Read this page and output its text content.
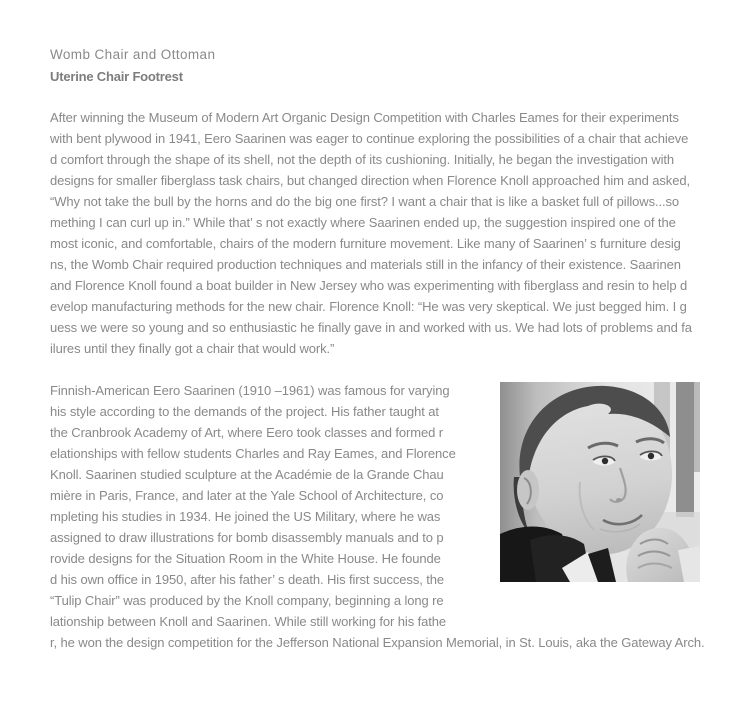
Womb Chair and Ottoman
Uterine Chair Footrest
After winning the Museum of Modern Art Organic Design Competition with Charles Eames for their experiments
with bent plywood in 1941, Eero Saarinen was eager to continue exploring the possibilities of a chair that achieve
d comfort through the shape of its shell, not the depth of its cushioning. Initially, he began the investigation with
designs for smaller fiberglass task chairs, but changed direction when Florence Knoll approached him and asked,
“Why not take the bull by the horns and do the big one first? I want a chair that is like a basket full of pillows...so
mething I can curl up in.” While that’ s not exactly where Saarinen ended up, the suggestion inspired one of the
most iconic, and comfortable, chairs of the modern furniture movement. Like many of Saarinen’ s furniture desig
ns, the Womb Chair required production techniques and materials still in the infancy of their existence. Saarinen
and Florence Knoll found a boat builder in New Jersey who was experimenting with fiberglass and resin to help d
evelop manufacturing methods for the new chair. Florence Knoll: “He was very skeptical. We just begged him. I g
uess we were so young and so enthusiastic he finally gave in and worked with us. We had lots of problems and fa
ilures until they finally got a chair that would work.”
Finnish-American Eero Saarinen (1910 –1961) was famous for varying
his style according to the demands of the project. His father taught at
the Cranbrook Academy of Art, where Eero took classes and formed r
elationships with fellow students Charles and Ray Eames, and Florence
Knoll. Saarinen studied sculpture at the Académie de la Grande Chau
mière in Paris, France, and later at the Yale School of Architecture, co
mpleting his studies in 1934. He joined the US Military, where he was
assigned to draw illustrations for bomb disassembly manuals and to p
rovide designs for the Situation Room in the White House. He founde
d his own office in 1950, after his father’ s death. His first success, the
“Tulip Chair” was produced by the Knoll company, beginning a long re
lationship between Knoll and Saarinen. While still working for his fathe
r, he won the design competition for the Jefferson National Expansion Memorial, in St. Louis, aka the Gateway Arch.
